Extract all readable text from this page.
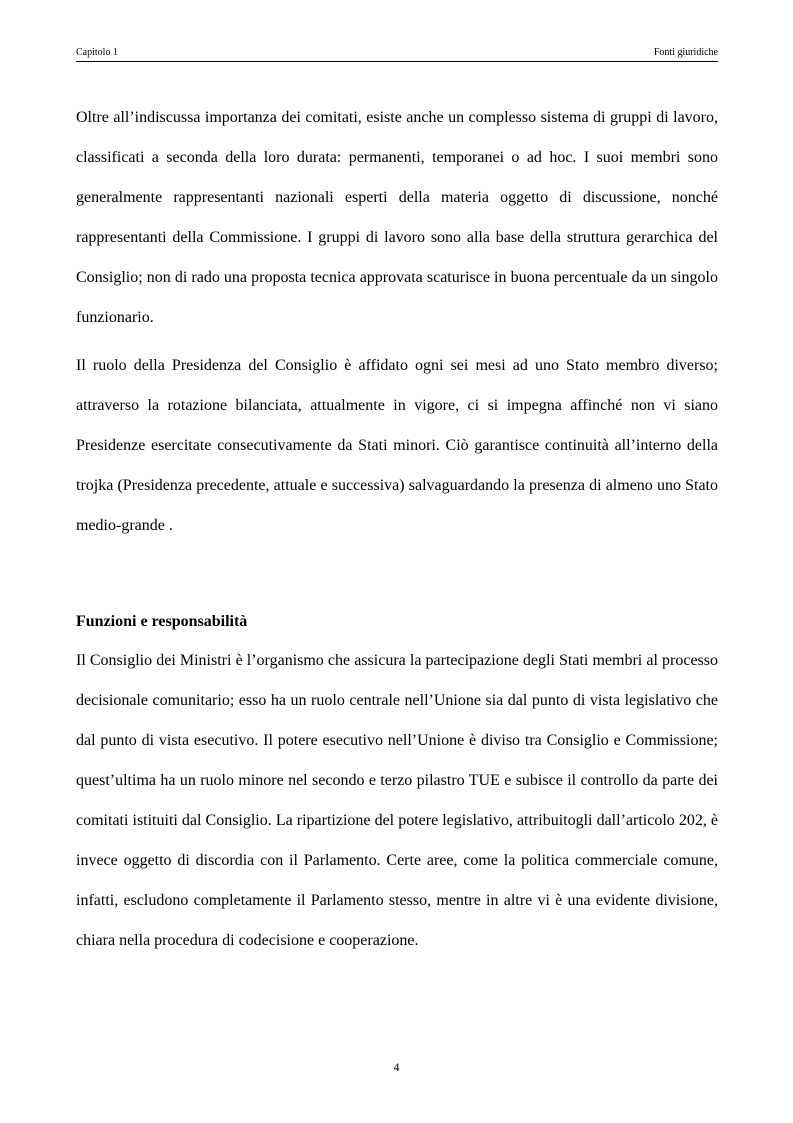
Capitolo 1	Fonti giuridiche

Oltre all’indiscussa importanza dei comitati, esiste anche un complesso sistema di gruppi di lavoro, classificati a seconda della loro durata: permanenti, temporanei o ad hoc. I suoi membri sono generalmente rappresentanti nazionali esperti della materia oggetto di discussione, nonché rappresentanti della Commissione. I gruppi di lavoro sono alla base della struttura gerarchica del Consiglio; non di rado una proposta tecnica approvata scaturisce in buona percentuale da un singolo funzionario.

Il ruolo della Presidenza del Consiglio è affidato ogni sei mesi ad uno Stato membro diverso; attraverso la rotazione bilanciata, attualmente in vigore, ci si impegna affinché non vi siano Presidenze esercitate consecutivamente da Stati minori. Ciò garantisce continuità all’interno della trojka (Presidenza precedente, attuale e successiva) salvaguardando la presenza di almeno uno Stato medio-grande .

Funzioni e responsabilità

Il Consiglio dei Ministri è l’organismo che assicura la partecipazione degli Stati membri al processo decisionale comunitario; esso ha un ruolo centrale nell’Unione sia dal punto di vista legislativo che dal punto di vista esecutivo. Il potere esecutivo nell’Unione è diviso tra Consiglio e Commissione; quest’ultima ha un ruolo minore nel secondo e terzo pilastro TUE e subisce il controllo da parte dei comitati istituiti dal Consiglio. La ripartizione del potere legislativo, attribuitogli dall’articolo 202, è invece oggetto di discordia con il Parlamento. Certe aree, come la politica commerciale comune, infatti, escludono completamente il Parlamento stesso, mentre in altre vi è una evidente divisione, chiara nella procedura di codecisione e cooperazione.

4
